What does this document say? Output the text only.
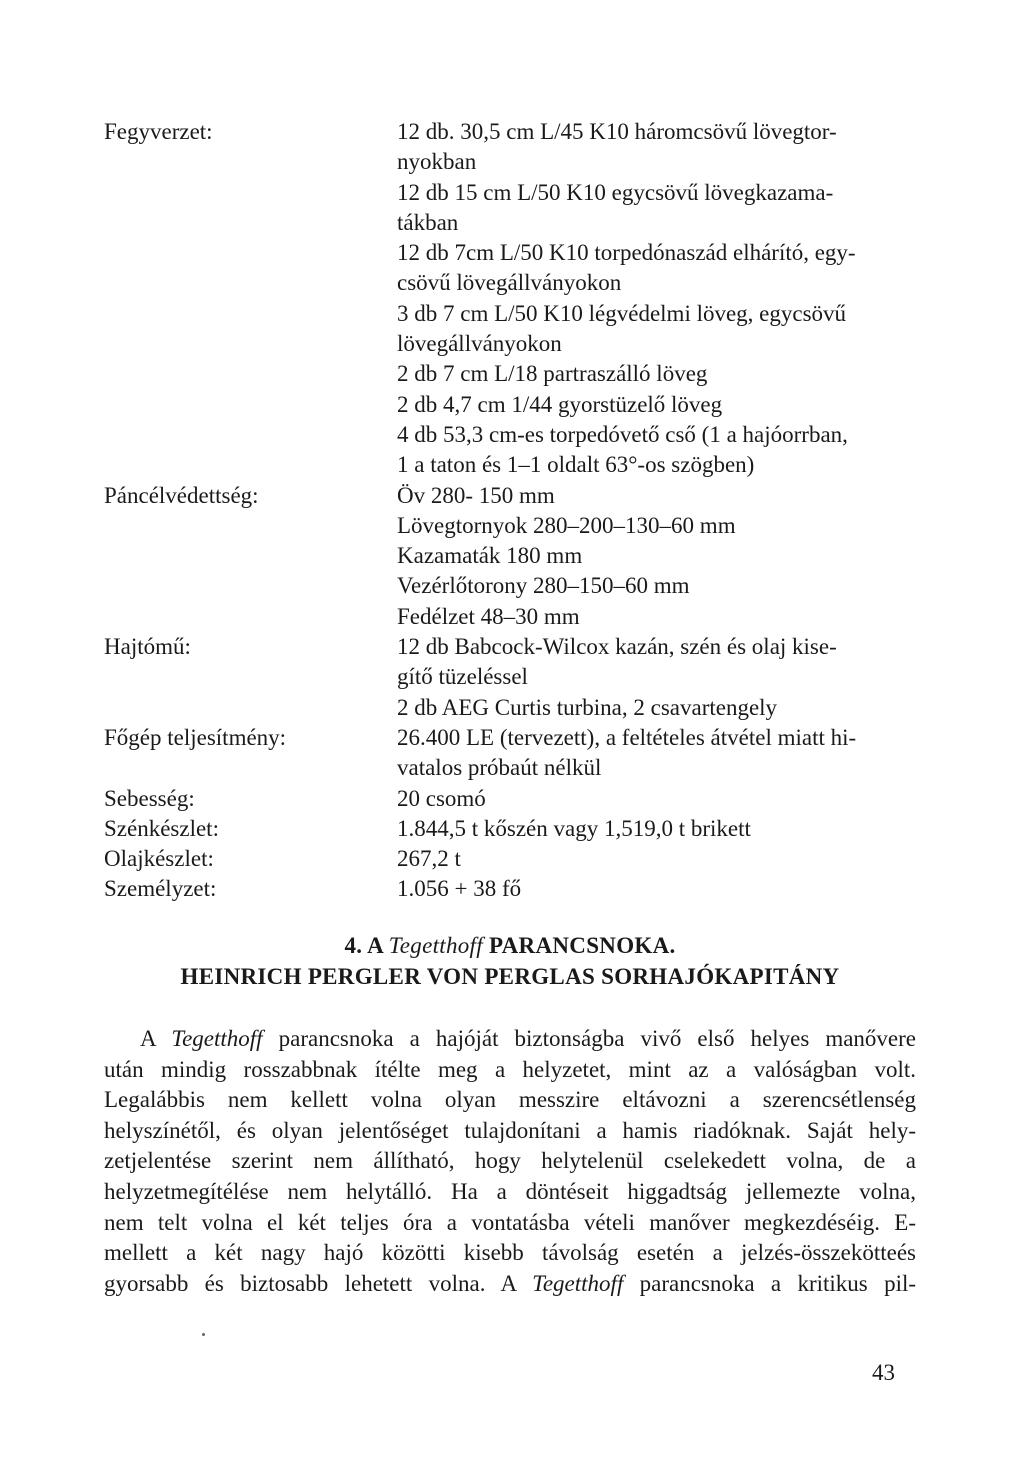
Fegyverzet:	12 db. 30,5 cm L/45 K10 háromcsövű lövegtor-
nyokban
12 db 15 cm L/50 K10 egycsövű lövegkazama-
tákban
12 db 7cm L/50 K10 torpedónaszád elhárító, egy-
csövű lövegállványokon
3 db 7 cm L/50 K10 légvédelmi löveg, egycsövű
lövegállványokon
2 db 7 cm L/18 partraszálló löveg
2 db 4,7 cm 1/44 gyorstüzelő löveg
4 db 53,3 cm-es torpedóvető cső (1 a hajóorrban,
1 a taton és 1–1 oldalt 63°-os szögben)
Páncélvédettség:	Öv 280- 150 mm
Lövegtornyok 280–200–130–60 mm
Kazamaták 180 mm
Vezérlőtorony 280–150–60 mm
Fedélzet 48–30 mm
Hajtómű:	12 db Babcock-Wilcox kazán, szén és olaj kise-
gítő tüzeléssel
2 db AEG Curtis turbina, 2 csavartengely
Főgép teljesítmény:	26.400 LE (tervezett), a feltételes átvétel miatt hi-
vatalos próbaút nélkül
Sebesség:	20 csomó
Szénkészlet:	1.844,5 t kőszén vagy 1,519,0 t brikett
Olajkészlet:	267,2 t
Személyzet:	1.056 + 38 fő
4. A Tegetthoff PARANCSNOKA.
HEINRICH PERGLER VON PERGLAS SORHAJÓKAPITÁNY
A Tegetthoff parancsnoka a hajóját biztonságba vivő első helyes manővere
után mindig rosszabbnak ítélte meg a helyzetet, mint az a valóságban volt.
Legalábbis nem kellett volna olyan messzire eltávozni a szerencsétlenség
helyszínétől, és olyan jelentőséget tulajdonítani a hamis riadóknak. Saját hely-
zetjelentése szerint nem állítható, hogy helytelenül cselekedett volna, de a
helyzetmegítélése nem helytálló. Ha a döntéseit higgadtság jellemezte volna,
nem telt volna el két teljes óra a vontatásba vételi manőver megkezdéséig. E-
mellett a két nagy hajó közötti kisebb távolság esetén a jelzés-összekötteés
gyorsabb és biztosabb lehetett volna. A Tegetthoff parancsnoka a kritikus pil-
43
